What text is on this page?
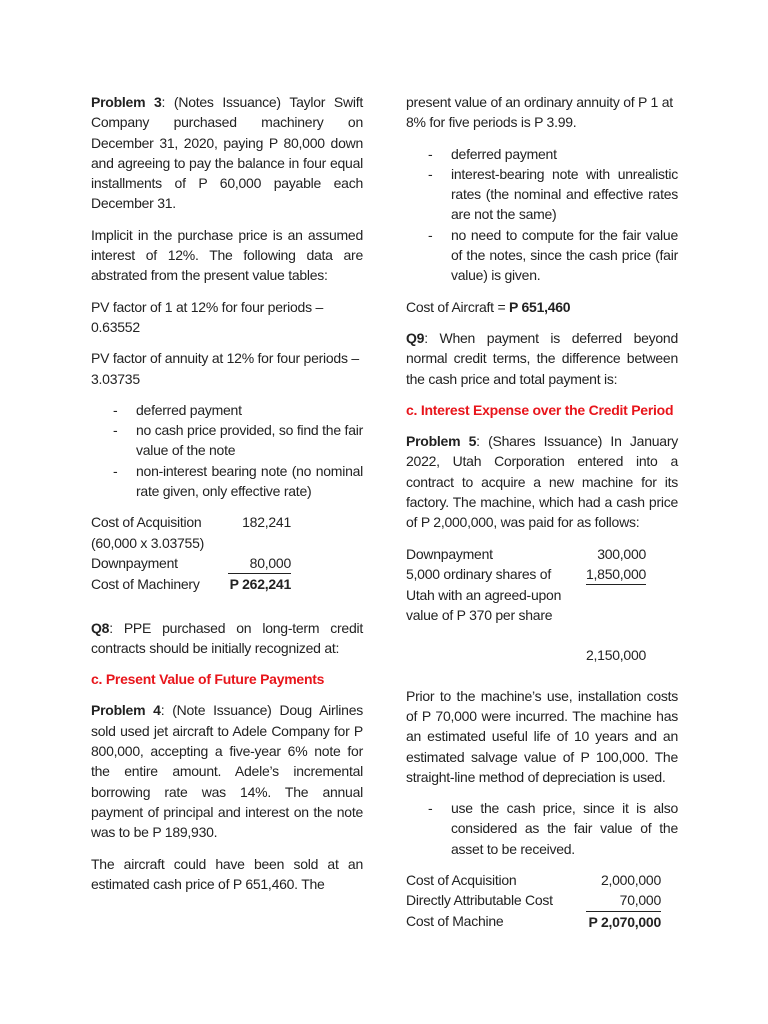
Problem 3: (Notes Issuance) Taylor Swift Company purchased machinery on December 31, 2020, paying P 80,000 down and agreeing to pay the balance in four equal installments of P 60,000 payable each December 31.

Implicit in the purchase price is an assumed interest of 12%. The following data are abstrated from the present value tables:

PV factor of 1 at 12% for four periods – 0.63552

PV factor of annuity at 12% for four periods – 3.03735

- deferred payment
- no cash price provided, so find the fair value of the note
- non-interest bearing note (no nominal rate given, only effective rate)
Cost of Acquisition	182,241
(60,000 x 3.03755)	
Downpayment	80,000
Cost of Machinery	P 262,241

Q8: PPE purchased on long-term credit contracts should be initially recognized at:

c. Present Value of Future Payments

Problem 4: (Note Issuance) Doug Airlines sold used jet aircraft to Adele Company for P 800,000, accepting a five-year 6% note for the entire amount. Adele’s incremental borrowing rate was 14%. The annual payment of principal and interest on the note was to be P 189,930.

The aircraft could have been sold at an estimated cash price of P 651,460. The

present value of an ordinary annuity of P 1 at 8% for five periods is P 3.99.

- deferred payment
- interest-bearing note with unrealistic rates (the nominal and effective rates are not the same)
- no need to compute for the fair value of the notes, since the cash price (fair value) is given.

Cost of Aircraft = P 651,460

Q9: When payment is deferred beyond normal credit terms, the difference between the cash price and total payment is:

c. Interest Expense over the Credit Period

Problem 5: (Shares Issuance) In January 2022, Utah Corporation entered into a contract to acquire a new machine for its factory. The machine, which had a cash price of P 2,000,000, was paid for as follows:

Downpayment	300,000
5,000 ordinary shares of	1,850,000
Utah with an agreed-upon	
value of P 370 per share	

	2,150,000

Prior to the machine’s use, installation costs of P 70,000 were incurred. The machine has an estimated useful life of 10 years and an estimated salvage value of P 100,000. The straight-line method of depreciation is used.

- use the cash price, since it is also considered as the fair value of the asset to be received.
Cost of Acquisition	2,000,000
Directly Attributable Cost	70,000
Cost of Machine	P 2,070,000
